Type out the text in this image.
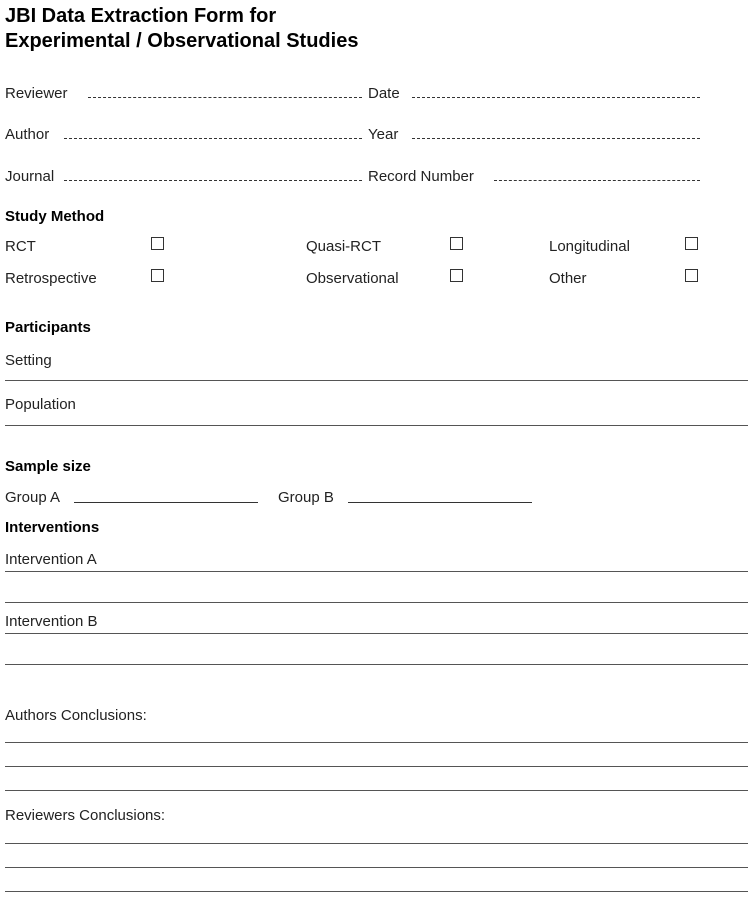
JBI Data Extraction Form for
Experimental / Observational Studies
Reviewer	Date
Author	Year
Journal	Record Number
Study Method
RCT	Quasi-RCT	Longitudinal
Retrospective	Observational	Other
Participants
Setting
Population
Sample size
Group A	Group B
Interventions
Intervention A
Intervention B
Authors Conclusions:
Reviewers Conclusions:
